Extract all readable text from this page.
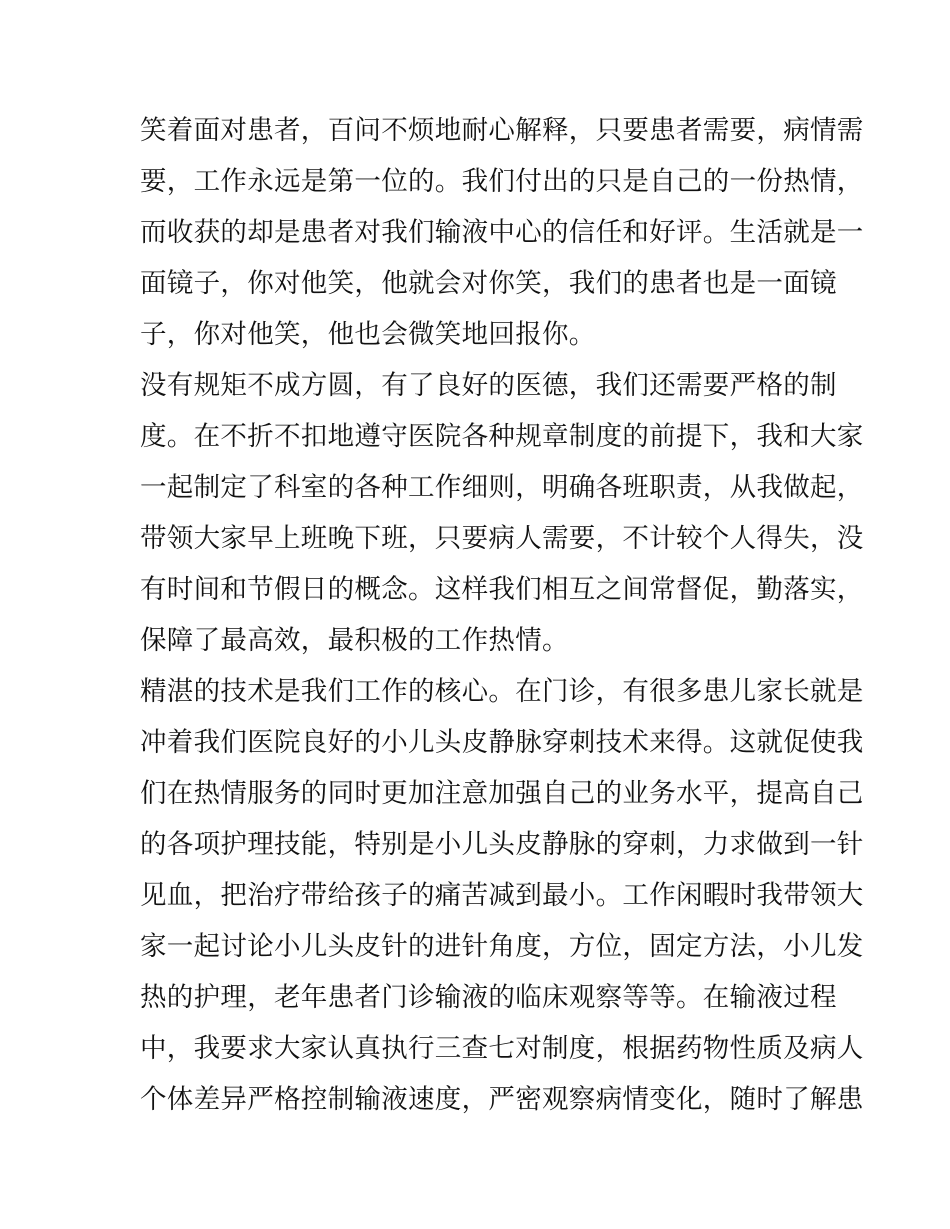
笑着面对患者，百问不烦地耐心解释，只要患者需要，病情需
要，工作永远是第一位的。我们付出的只是自己的一份热情，
而收获的却是患者对我们输液中心的信任和好评。生活就是一
面镜子，你对他笑，他就会对你笑，我们的患者也是一面镜
子，你对他笑，他也会微笑地回报你。
没有规矩不成方圆，有了良好的医德，我们还需要严格的制
度。在不折不扣地遵守医院各种规章制度的前提下，我和大家
一起制定了科室的各种工作细则，明确各班职责，从我做起，
带领大家早上班晚下班，只要病人需要，不计较个人得失，没
有时间和节假日的概念。这样我们相互之间常督促，勤落实，
保障了最高效，最积极的工作热情。
精湛的技术是我们工作的核心。在门诊，有很多患儿家长就是
冲着我们医院良好的小儿头皮静脉穿刺技术来得。这就促使我
们在热情服务的同时更加注意加强自己的业务水平，提高自己
的各项护理技能，特别是小儿头皮静脉的穿刺，力求做到一针
见血，把治疗带给孩子的痛苦减到最小。工作闲暇时我带领大
家一起讨论小儿头皮针的进针角度，方位，固定方法，小儿发
热的护理，老年患者门诊输液的临床观察等等。在输液过程
中，我要求大家认真执行三查七对制度，根据药物性质及病人
个体差异严格控制输液速度，严密观察病情变化，随时了解患
